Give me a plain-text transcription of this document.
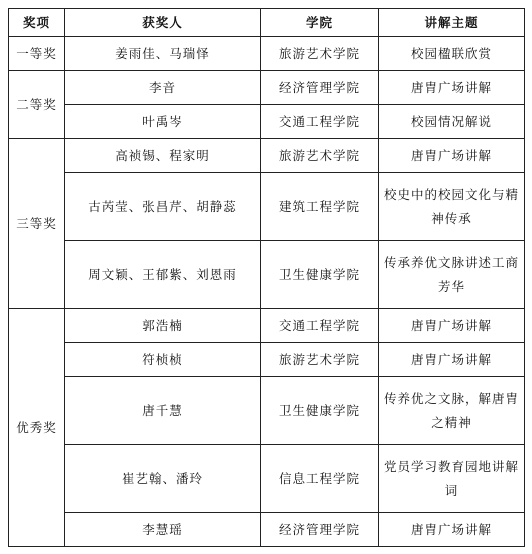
奖项	获奖人	学院	讲解主题
一等奖	姜雨佳、马瑞怿	旅游艺术学院	校园楹联欣赏
二等奖	李音	经济管理学院	唐胄广场讲解
	叶禹岑	交通工程学院	校园情况解说
三等奖	高祯锡、程家明	旅游艺术学院	唐胄广场讲解
	古芮莹、张昌芹、胡静蕊	建筑工程学院	校史中的校园文化与精神传承
	周文颖、王郁紫、刘恩雨	卫生健康学院	传承养优文脉讲述工商芳华
优秀奖	郭浩楠	交通工程学院	唐胄广场讲解
	符桢桢	旅游艺术学院	唐胄广场讲解
	唐千慧	卫生健康学院	传养优之文脉，解唐胄之精神
	崔艺翰、潘玲	信息工程学院	党员学习教育园地讲解词
	李慧瑶	经济管理学院	唐胄广场讲解
